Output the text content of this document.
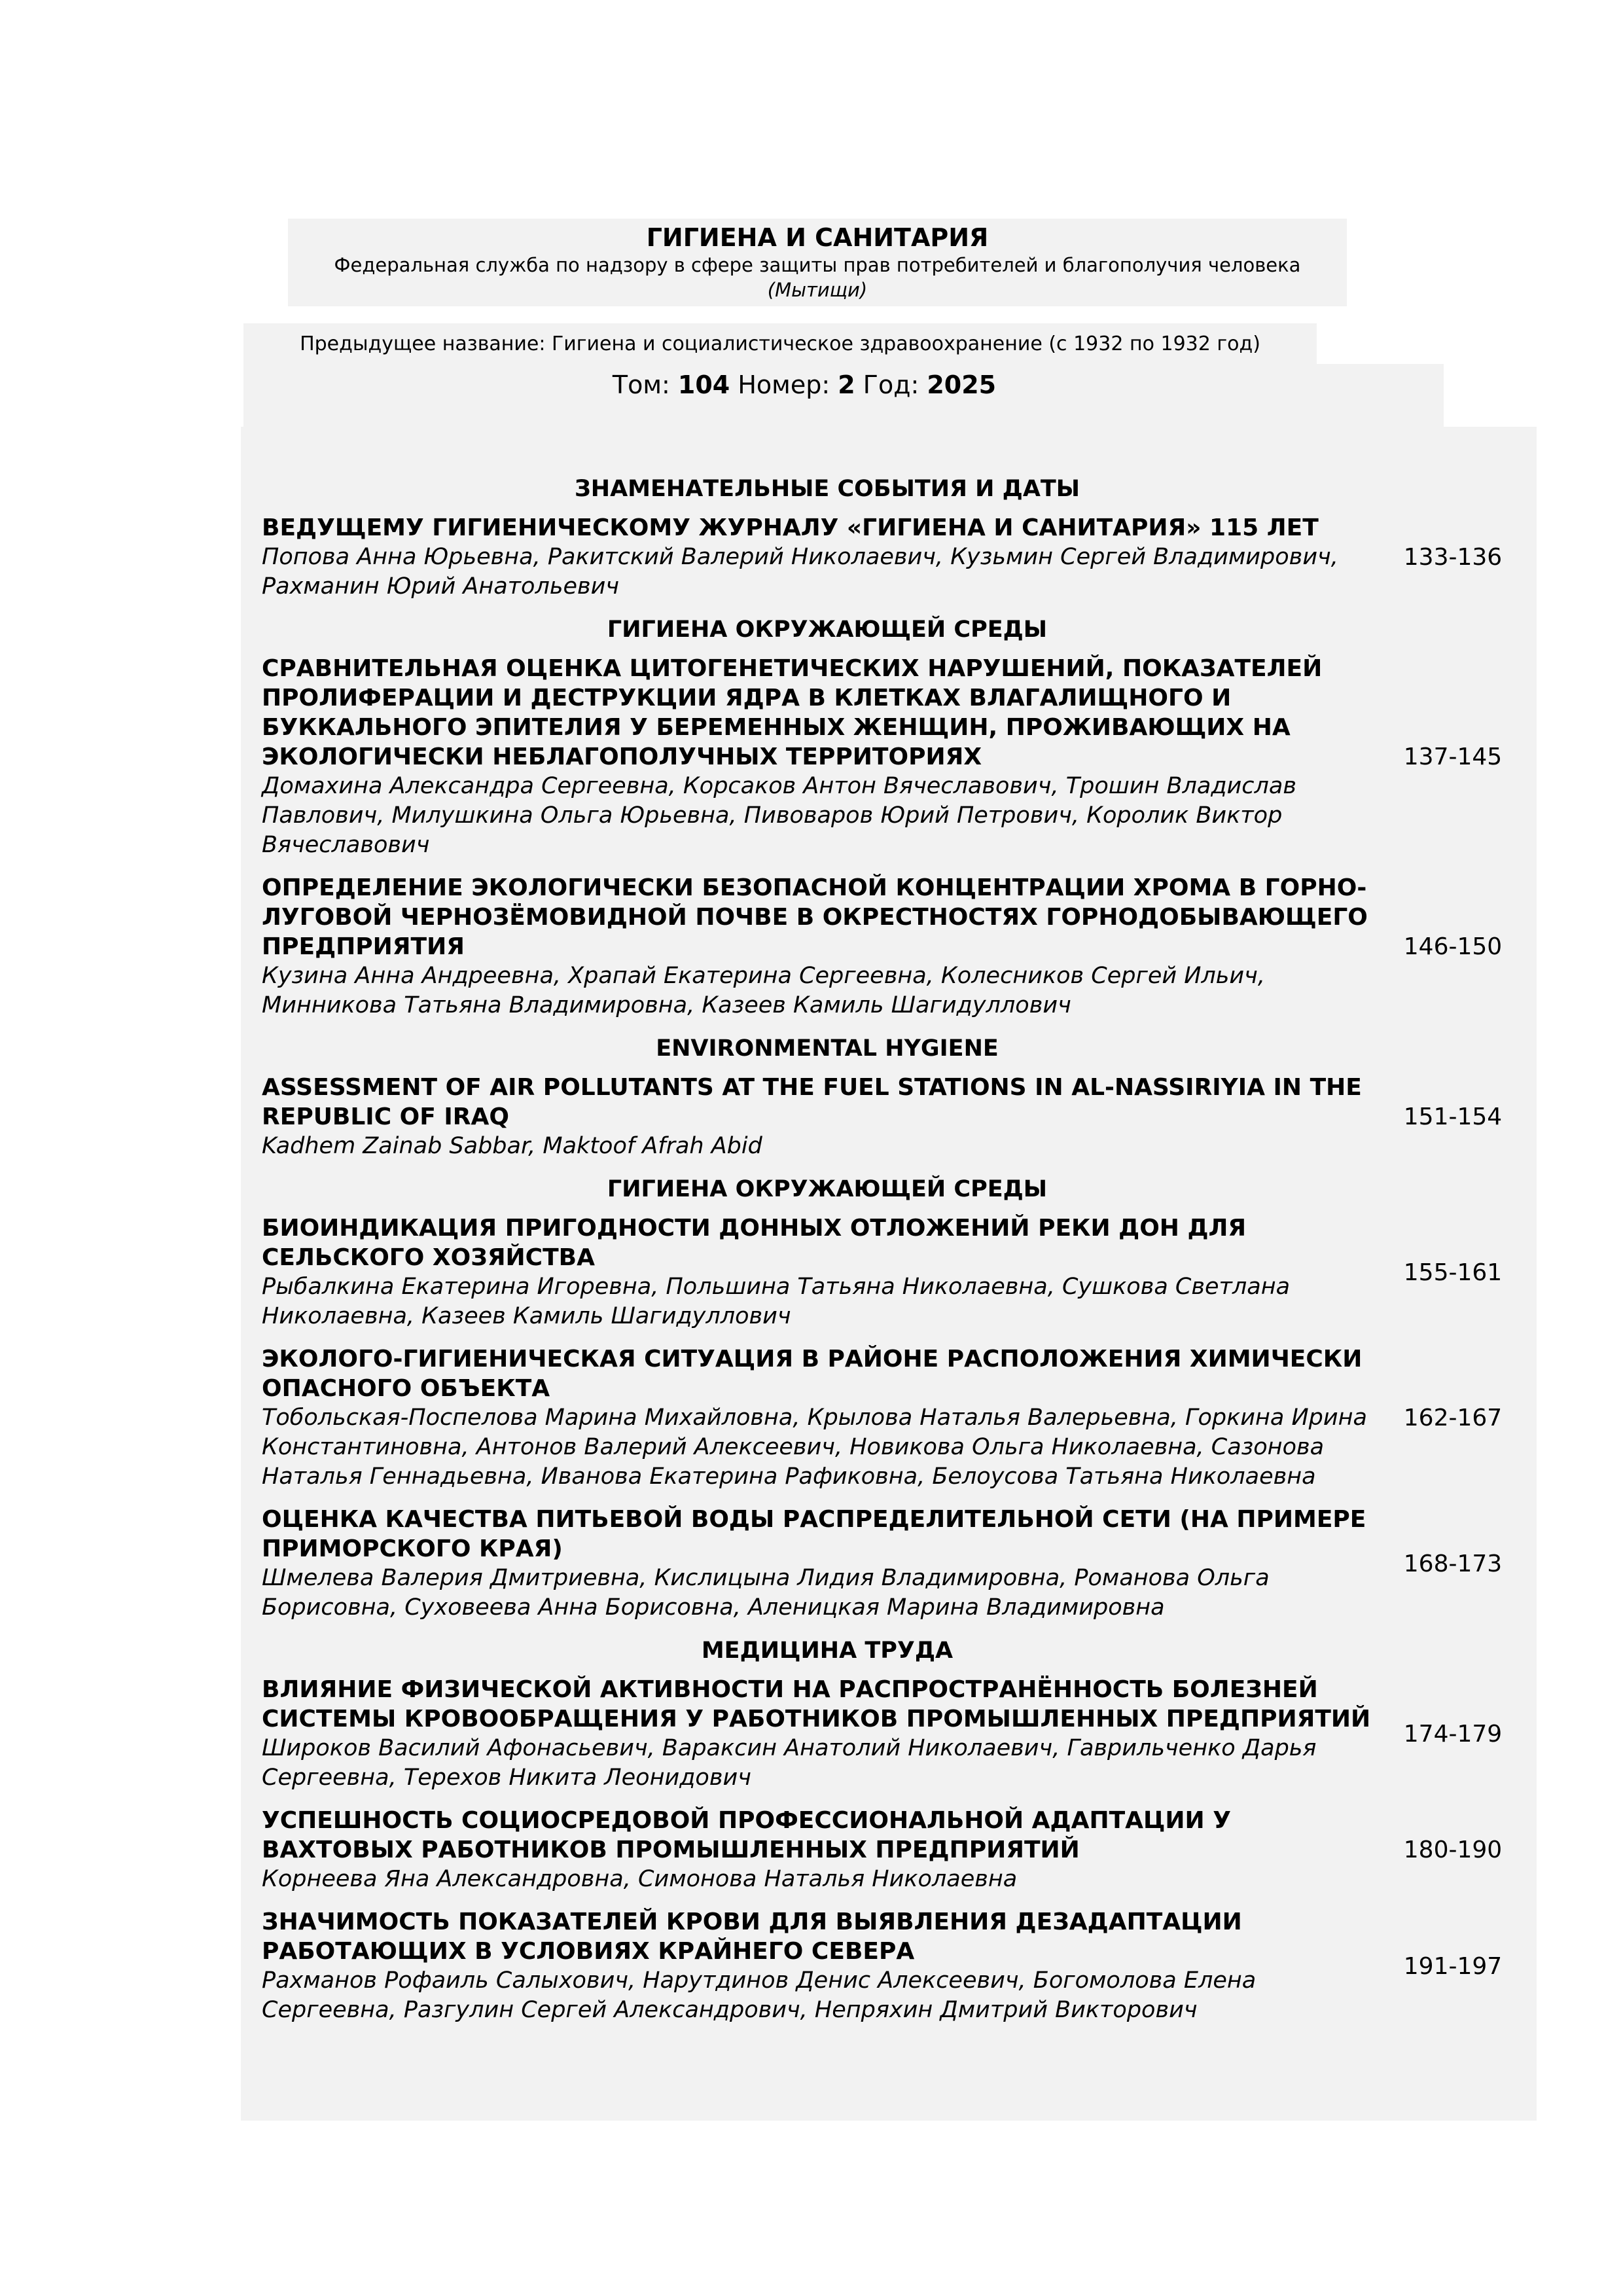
ГИГИЕНА И САНИТАРИЯ
Федеральная служба по надзору в сфере защиты прав потребителей и благополучия человека
(Мытищи)
Предыдущее название: Гигиена и социалистическое здравоохранение (с 1932 по 1932 год)
Том: 104 Номер: 2 Год: 2025
ЗНАМЕНАТЕЛЬНЫЕ СОБЫТИЯ И ДАТЫ
ВЕДУЩЕМУ ГИГИЕНИЧЕСКОМУ ЖУРНАЛУ «ГИГИЕНА И САНИТАРИЯ» 115 ЛЕТ
Попова Анна Юрьевна, Ракитский Валерий Николаевич, Кузьмин Сергей Владимирович, Рахманин Юрий Анатольевич
133-136
ГИГИЕНА ОКРУЖАЮЩЕЙ СРЕДЫ
СРАВНИТЕЛЬНАЯ ОЦЕНКА ЦИТОГЕНЕТИЧЕСКИХ НАРУШЕНИЙ, ПОКАЗАТЕЛЕЙ ПРОЛИФЕРАЦИИ И ДЕСТРУКЦИИ ЯДРА В КЛЕТКАХ ВЛАГАЛИЩНОГО И БУККАЛЬНОГО ЭПИТЕЛИЯ У БЕРЕМЕННЫХ ЖЕНЩИН, ПРОЖИВАЮЩИХ НА ЭКОЛОГИЧЕСКИ НЕБЛАГОПОЛУЧНЫХ ТЕРРИТОРИЯХ
Домахина Александра Сергеевна, Корсаков Антон Вячеславович, Трошин Владислав Павлович, Милушкина Ольга Юрьевна, Пивоваров Юрий Петрович, Королик Виктор Вячеславович
137-145
ОПРЕДЕЛЕНИЕ ЭКОЛОГИЧЕСКИ БЕЗОПАСНОЙ КОНЦЕНТРАЦИИ ХРОМА В ГОРНО-ЛУГОВОЙ ЧЕРНОЗЁМОВИДНОЙ ПОЧВЕ В ОКРЕСТНОСТЯХ ГОРНОДОБЫВАЮЩЕГО ПРЕДПРИЯТИЯ
Кузина Анна Андреевна, Храпай Екатерина Сергеевна, Колесников Сергей Ильич, Минникова Татьяна Владимировна, Казеев Камиль Шагидуллович
146-150
ENVIRONMENTAL HYGIENE
ASSESSMENT OF AIR POLLUTANTS AT THE FUEL STATIONS IN AL-NASSIRIYIA IN THE REPUBLIC OF IRAQ
Kadhem Zainab Sabbar, Maktoof Afrah Abid
151-154
ГИГИЕНА ОКРУЖАЮЩЕЙ СРЕДЫ
БИОИНДИКАЦИЯ ПРИГОДНОСТИ ДОННЫХ ОТЛОЖЕНИЙ РЕКИ ДОН ДЛЯ СЕЛЬСКОГО ХОЗЯЙСТВА
Рыбалкина Екатерина Игоревна, Польшина Татьяна Николаевна, Сушкова Светлана Николаевна, Казеев Камиль Шагидуллович
155-161
ЭКОЛОГО-ГИГИЕНИЧЕСКАЯ СИТУАЦИЯ В РАЙОНЕ РАСПОЛОЖЕНИЯ ХИМИЧЕСКИ ОПАСНОГО ОБЪЕКТА
Тобольская-Поспелова Марина Михайловна, Крылова Наталья Валерьевна, Горкина Ирина Константиновна, Антонов Валерий Алексеевич, Новикова Ольга Николаевна, Сазонова Наталья Геннадьевна, Иванова Екатерина Рафиковна, Белоусова Татьяна Николаевна
162-167
ОЦЕНКА КАЧЕСТВА ПИТЬЕВОЙ ВОДЫ РАСПРЕДЕЛИТЕЛЬНОЙ СЕТИ (НА ПРИМЕРЕ ПРИМОРСКОГО КРАЯ)
Шмелева Валерия Дмитриевна, Кислицына Лидия Владимировна, Романова Ольга Борисовна, Суховеева Анна Борисовна, Аленицкая Марина Владимировна
168-173
МЕДИЦИНА ТРУДА
ВЛИЯНИЕ ФИЗИЧЕСКОЙ АКТИВНОСТИ НА РАСПРОСТРАНЁННОСТЬ БОЛЕЗНЕЙ СИСТЕМЫ КРОВООБРАЩЕНИЯ У РАБОТНИКОВ ПРОМЫШЛЕННЫХ ПРЕДПРИЯТИЙ
Широков Василий Афонасьевич, Вараксин Анатолий Николаевич, Гаврильченко Дарья Сергеевна, Терехов Никита Леонидович
174-179
УСПЕШНОСТЬ СОЦИОСРЕДОВОЙ ПРОФЕССИОНАЛЬНОЙ АДАПТАЦИИ У ВАХТОВЫХ РАБОТНИКОВ ПРОМЫШЛЕННЫХ ПРЕДПРИЯТИЙ
Корнеева Яна Александровна, Симонова Наталья Николаевна
180-190
ЗНАЧИМОСТЬ ПОКАЗАТЕЛЕЙ КРОВИ ДЛЯ ВЫЯВЛЕНИЯ ДЕЗАДАПТАЦИИ РАБОТАЮЩИХ В УСЛОВИЯХ КРАЙНЕГО СЕВЕРА
Рахманов Рофаиль Салыхович, Нарутдинов Денис Алексеевич, Богомолова Елена Сергеевна, Разгулин Сергей Александрович, Непряхин Дмитрий Викторович
191-197
